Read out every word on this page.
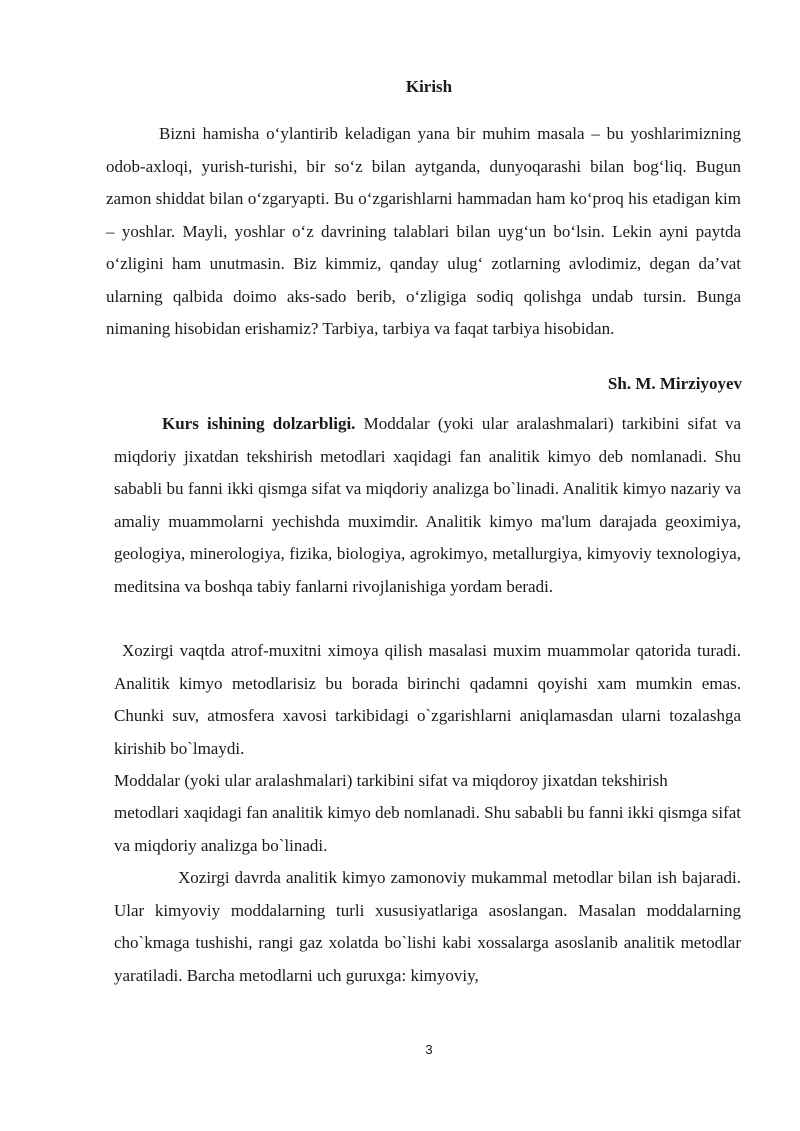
Kirish
Bizni hamisha o‘ylantirib keladigan yana bir muhim masala – bu yoshlarimizning odob-axloqi, yurish-turishi, bir so‘z bilan aytganda, dunyoqarashi bilan bog‘liq. Bugun zamon shiddat bilan o‘zgaryapti. Bu o‘zgarishlarni hammadan ham ko‘proq his etadigan kim – yoshlar. Mayli, yoshlar o‘z davrining talablari bilan uyg‘un bo‘lsin. Lekin ayni paytda o‘zligini ham unutmasin. Biz kimmiz, qanday ulug‘ zotlarning avlodimiz, degan da’vat ularning qalbida doimo aks-sado berib, o‘zligiga sodiq qolishga undab tursin. Bunga nimaning hisobidan erishamiz? Tarbiya, tarbiya va faqat tarbiya hisobidan.
Sh. M. Mirziyoyev
Kurs ishining dolzarbligi. Moddalar (yoki ular aralashmalari) tarkibini sifat va miqdoriy jixatdan tekshirish metodlari xaqidagi fan analitik kimyo deb nomlanadi. Shu sababli bu fanni ikki qismga sifat va miqdoriy analizga bo`linadi. Analitik kimyo nazariy va amaliy muammolarni yechishda muximdir. Analitik kimyo ma'lum darajada geoximiya, geologiya, minerologiya, fizika, biologiya, agrokimyo, metallurgiya, kimyoviy texnologiya, meditsina va boshqa tabiy fanlarni rivojlanishiga yordam beradi.
Xozirgi vaqtda atrof-muxitni ximoya qilish masalasi muxim muammolar qatorida turadi. Analitik kimyo metodlarisiz bu borada birinchi qadamni qoyishi xam mumkin emas. Chunki suv, atmosfera xavosi tarkibidagi o`zgarishlarni aniqlamasdan ularni tozalashga kirishib bo`lmaydi.
Moddalar (yoki ular aralashmalari) tarkibini sifat va miqdoroy jixatdan tekshirish
metodlari xaqidagi fan analitik kimyo deb nomlanadi. Shu sababli bu fanni ikki qismga sifat va miqdoriy analizga bo`linadi.
Xozirgi davrda analitik kimyo zamonoviy mukammal metodlar bilan ish bajaradi. Ular kimyoviy moddalarning turli xususiyatlariga asoslangan. Masalan moddalarning cho`kmaga tushishi, rangi gaz xolatda bo`lishi kabi xossalarga asoslanib analitik metodlar yaratiladi. Barcha metodlarni uch guruxga: kimyoviy,
3
